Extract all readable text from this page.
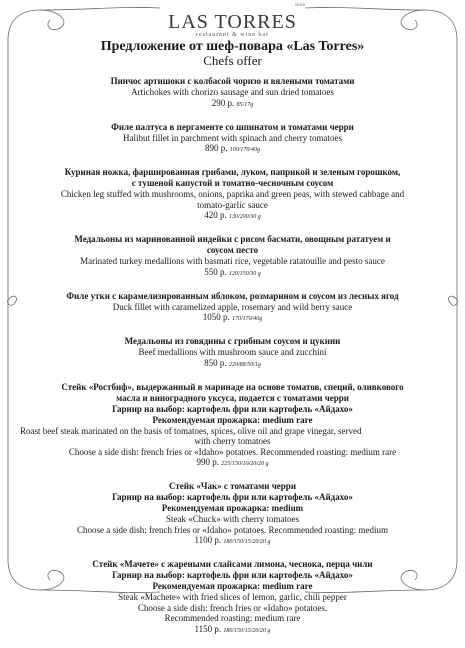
LAS TORRES
restaurant & wine bar
since
Предложение от шеф-повара «Las Torres»
Chefs offer
Пинчос артишоки с колбасой чоризо и вялеными томатами
Artichokes with chorizo sausage and sun dried tomatoes
290 р. 85/17g
Филе палтуса в пергаменте со шпинатом и томатами черри
Halibut fillet in parchment with spinach and cherry tomatoes
890 р. 100/170/40g
Куриная ножка, фаршированная грибами, луком, паприкой и зеленым горошком,
с тушеной капустой и томатно-чесночным соусом
Chicken leg stuffed with mushrooms, onions, paprika and green peas, with stewed cabbage and
tomato-garlic sauce
420 р. 130/200/30 g
Медальоны из маринованной индейки с рисом басмати, овощным рататуем и
соусом песто
Marinated turkey medallions with basmati rice, vegetable ratatouille and pesto sauce
550 р. 120/150/30 g
Филе утки с карамелизированным яблоком, розмарином и соусом из лесных ягод
Duck fillet with caramelized apple, rosemary and wild berry sauce
1050 р. 170/170/40g
Медальоны из говядины с грибным соусом и цукини
Beef medallions with mushroom sauce and zucchini
850 р. 220/88/50/1g
Стейк «Ростбиф», выдержанный в маринаде на основе томатов, специй, оливкового
масла и виноградного уксуса, подается с томатами черри
Гарнир на выбор: картофель фри или картофель «Айдахо»
Рекомендуемая прожарка: medium rare
Roast beef steak marinated on the basis of tomatoes, spices, olive oil and grape vinegar, served
with cherry tomatoes
Choose a side dish: french fries or «Idaho» potatoes. Recommended roasting: medium rare
990 р. 225/150/10/20/20 g
Стейк «Чак» с томатами черри
Гарнир на выбор: картофель фри или картофель «Айдахо»
Рекомендуемая прожарка: medium
Steak «Chuck» with cherry tomatoes
Choose a side dish: french fries or «Idaho» potatoes. Recommended roasting: medium
1100 р. 180/150/15/20/20 g
Стейк «Мачете» с жареными слайсами лимона, чеснока, перца чили
Гарнир на выбор: картофель фри или картофель «Айдахо»
Рекомендуемая прожарка: medium rare
Steak «Machete» with fried slices of lemon, garlic, chili pepper
Choose a side dish: french fries or «Idaho» potatoes.
Recommended roasting: medium rare
1150 р. 180/150/15/20/20 g
